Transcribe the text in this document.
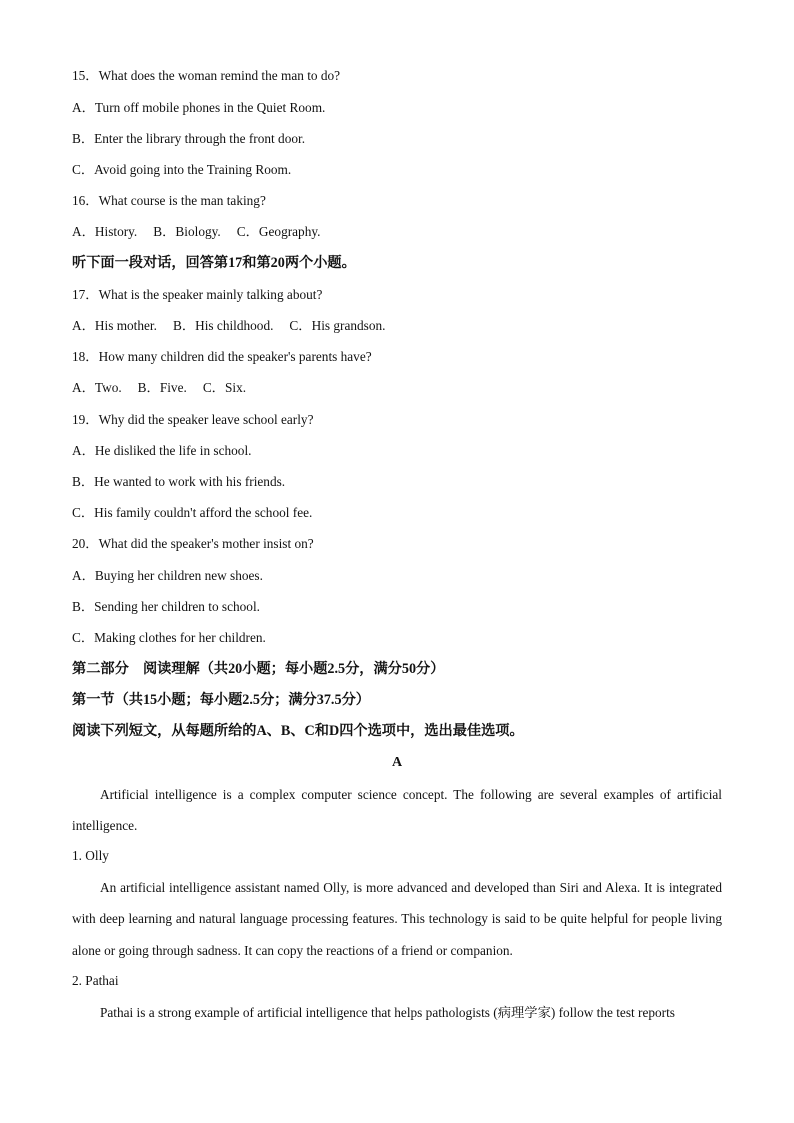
15．What does the woman remind the man to do?
A．Turn off mobile phones in the Quiet Room.
B．Enter the library through the front door.
C．Avoid going into the Training Room.
16．What course is the man taking?
A．History. B．Biology. C．Geography.
听下面一段对话，回答第17和第20两个小题。
17．What is the speaker mainly talking about?
A．His mother. B．His childhood. C．His grandson.
18．How many children did the speaker's parents have?
A．Two. B．Five. C．Six.
19．Why did the speaker leave school early?
A．He disliked the life in school.
B．He wanted to work with his friends.
C．His family couldn't afford the school fee.
20．What did the speaker's mother insist on?
A．Buying her children new shoes.
B．Sending her children to school.
C．Making clothes for her children.
第二部分　阅读理解（共20小题；每小题2.5分，满分50分）
第一节（共15小题；每小题2.5分；满分37.5分）
阅读下列短文，从每题所给的A、B、C和D四个选项中，选出最佳选项。
A
Artificial intelligence is a complex computer science concept. The following are several examples of artificial intelligence.
1. Olly
An artificial intelligence assistant named Olly, is more advanced and developed than Siri and Alexa. It is integrated with deep learning and natural language processing features. This technology is said to be quite helpful for people living alone or going through sadness. It can copy the reactions of a friend or companion.
2. Pathai
Pathai is a strong example of artificial intelligence that helps pathologists (病理学家) follow the test reports
